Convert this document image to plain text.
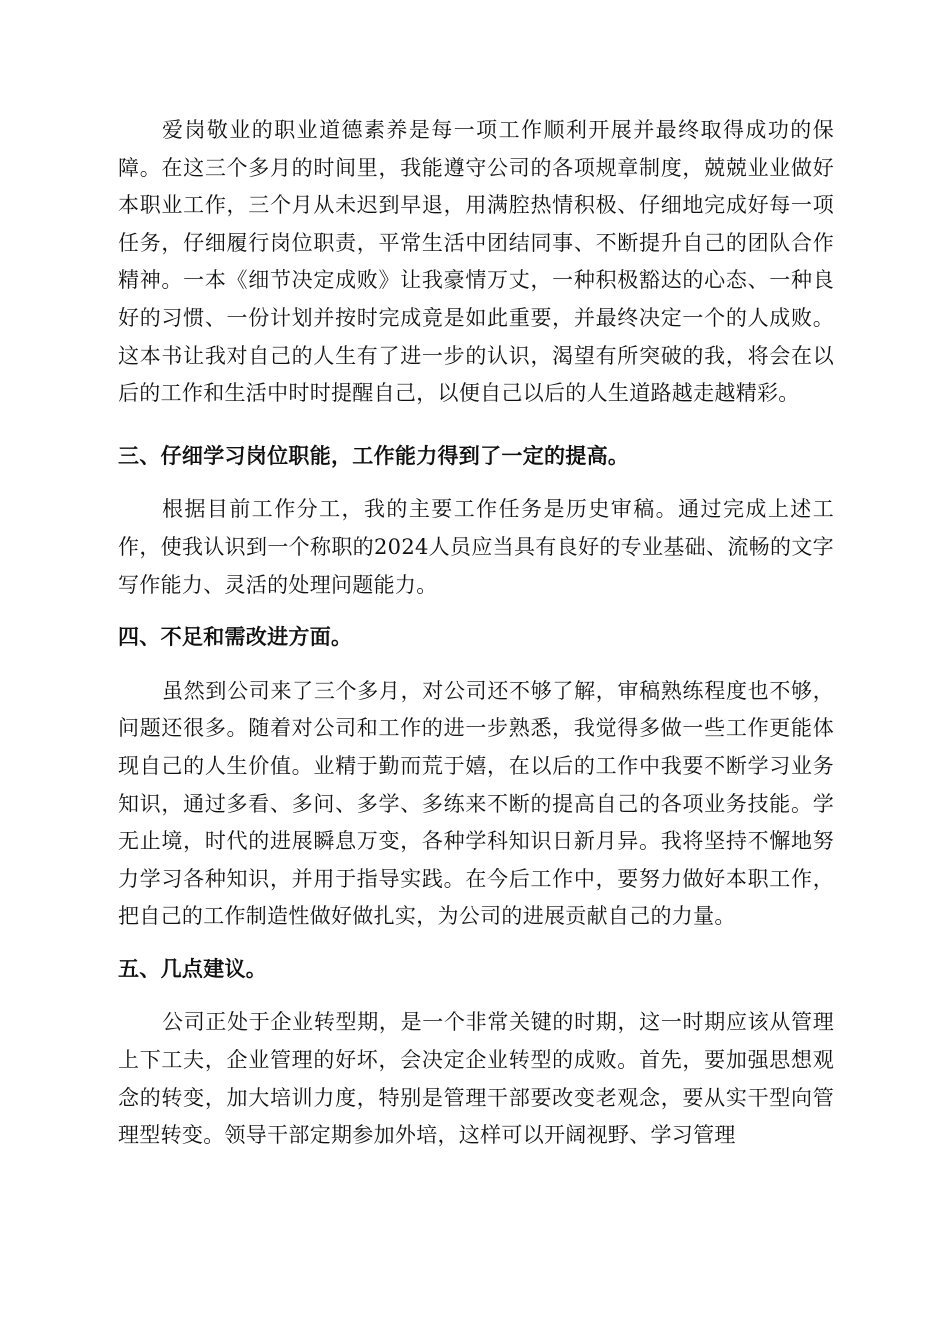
爱岗敬业的职业道德素养是每一项工作顺利开展并最终取得成功的保障。在这三个多月的时间里，我能遵守公司的各项规章制度，兢兢业业做好本职业工作，三个月从未迟到早退，用满腔热情积极、仔细地完成好每一项任务，仔细履行岗位职责，平常生活中团结同事、不断提升自己的团队合作精神。一本《细节决定成败》让我豪情万丈，一种积极豁达的心态、一种良好的习惯、一份计划并按时完成竟是如此重要，并最终决定一个的人成败。这本书让我对自己的人生有了进一步的认识，渴望有所突破的我，将会在以后的工作和生活中时时提醒自己，以便自己以后的人生道路越走越精彩。

三、仔细学习岗位职能，工作能力得到了一定的提高。

根据目前工作分工，我的主要工作任务是历史审稿。通过完成上述工作，使我认识到一个称职的2024人员应当具有良好的专业基础、流畅的文字写作能力、灵活的处理问题能力。

四、不足和需改进方面。

虽然到公司来了三个多月，对公司还不够了解，审稿熟练程度也不够，问题还很多。随着对公司和工作的进一步熟悉，我觉得多做一些工作更能体现自己的人生价值。业精于勤而荒于嬉，在以后的工作中我要不断学习业务知识，通过多看、多问、多学、多练来不断的提高自己的各项业务技能。学无止境，时代的进展瞬息万变，各种学科知识日新月异。我将坚持不懈地努力学习各种知识，并用于指导实践。在今后工作中，要努力做好本职工作，把自己的工作制造性做好做扎实，为公司的进展贡献自己的力量。

五、几点建议。

公司正处于企业转型期，是一个非常关键的时期，这一时期应该从管理上下工夫，企业管理的好坏，会决定企业转型的成败。首先，要加强思想观念的转变，加大培训力度，特别是管理干部要改变老观念，要从实干型向管理型转变。领导干部定期参加外培，这样可以开阔视野、学习管理
